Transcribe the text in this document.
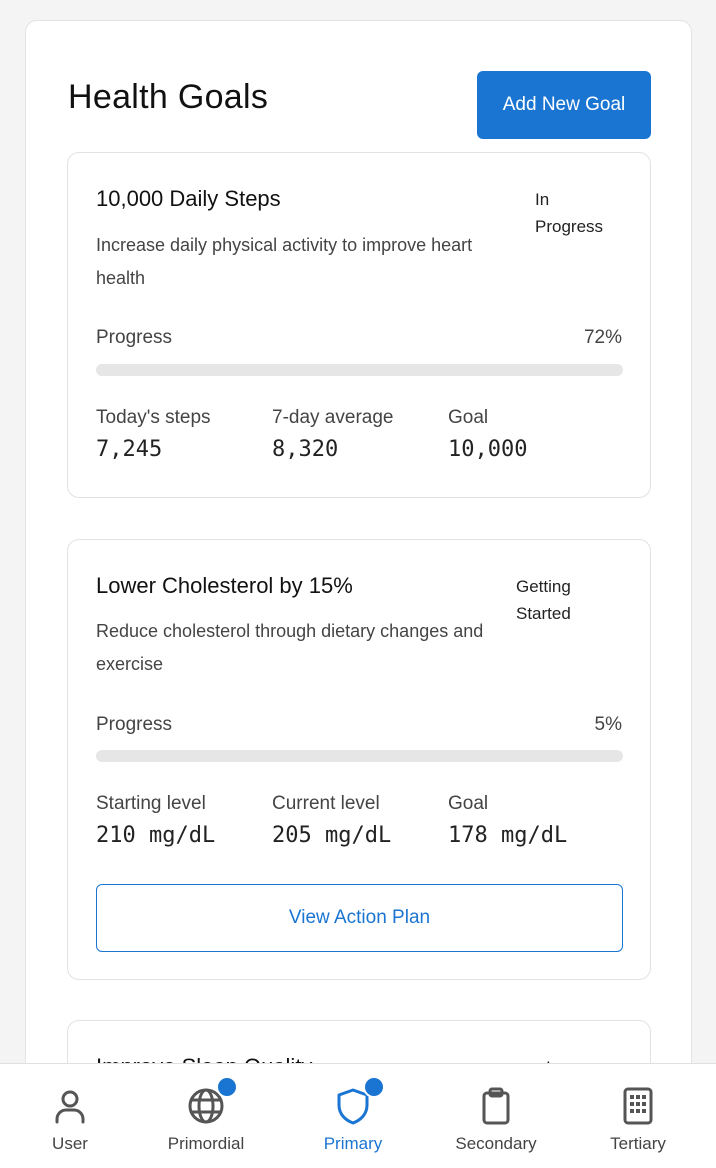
Health Goals	Add New Goal
10,000 Daily Steps
Increase daily physical activity to improve heart health
In
Progress
Progress	72%
Today's steps
7,245
7-day average
8,320
Goal
10,000
Lower Cholesterol by 15%
Reduce cholesterol through dietary changes and exercise
Getting
Started
Progress	5%
Starting level
210 mg/dL
Current level
205 mg/dL
Goal
178 mg/dL
View Action Plan
User	Primordial	Primary	Secondary	Tertiary
